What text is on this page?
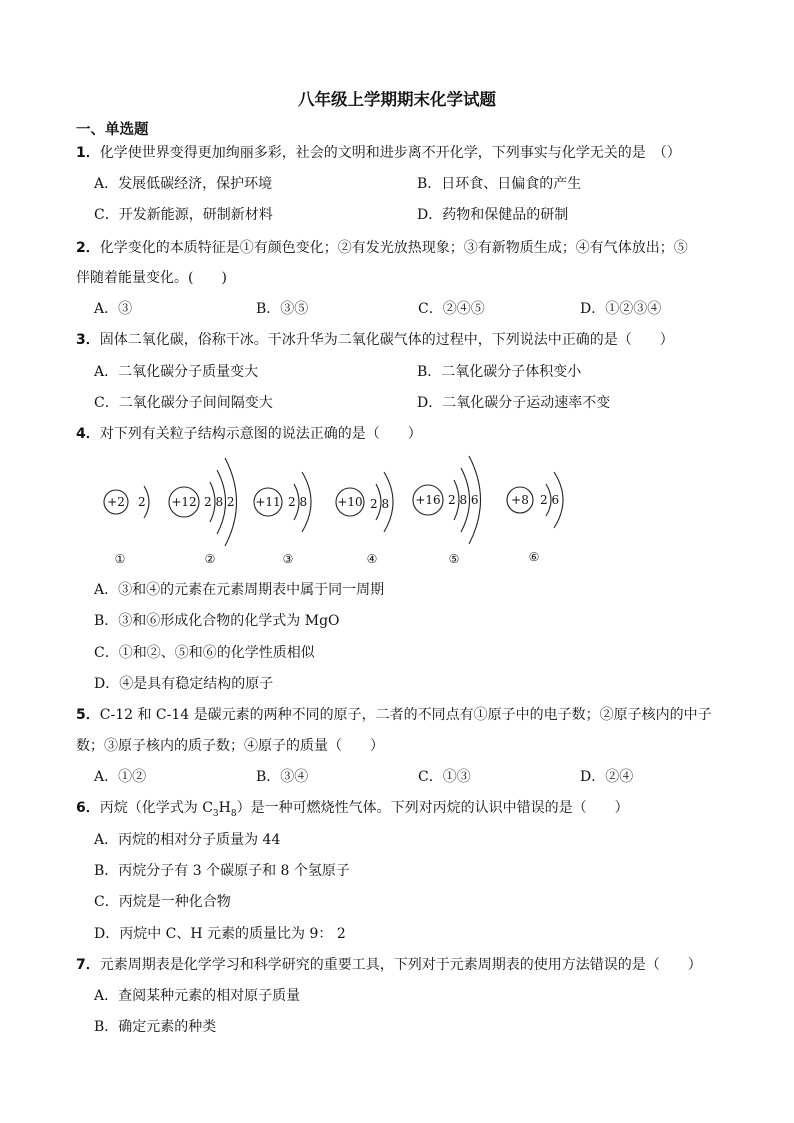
八年级上学期期末化学试题
一、单选题
1．化学使世界变得更加绚丽多彩，社会的文明和进步离不开化学，下列事实与化学无关的是　（）
A．发展低碳经济，保护环境	B．日环食、日偏食的产生
C．开发新能源，研制新材料	D．药物和保健品的研制
2．化学变化的本质特征是①有颜色变化；②有发光放热现象；③有新物质生成；④有气体放出；⑤
伴随着能量变化。(　　)
A．③	B．③⑤	C．②④⑤	D．①②③④
3．固体二氧化碳，俗称干冰。干冰升华为二氧化碳气体的过程中，下列说法中正确的是（　　）
A．二氧化碳分子质量变大	B．二氧化碳分子体积变小
C．二氧化碳分子间间隔变大	D．二氧化碳分子运动速率不变
4．对下列有关粒子结构示意图的说法正确的是（　　）
+2 2 +12 2 8 2 +11 2 8	+10 2 8 +16 2 8 6	+8 2 6
①	②	③	④	⑤	⑥
A．③和④的元素在元素周期表中属于同一周期
B．③和⑥形成化合物的化学式为 MgO
C．①和②、⑤和⑥的化学性质相似
D．④是具有稳定结构的原子
5．C-12 和 C-14 是碳元素的两种不同的原子，二者的不同点有①原子中的电子数；②原子核内的中子
数；③原子核内的质子数；④原子的质量（　　）
A．①②	B．③④	C．①③	D．②④
6．丙烷（化学式为 $C_3H_8$）是一种可燃烧性气体。下列对丙烷的认识中错误的是（　　）
A．丙烷的相对分子质量为 44
B．丙烷分子有 3 个碳原子和 8 个氢原子
C．丙烷是一种化合物
D．丙烷中 C、H 元素的质量比为 9： 2
7．元素周期表是化学学习和科学研究的重要工具，下列对于元素周期表的使用方法错误的是（　　）
A．查阅某种元素的相对原子质量
B．确定元素的种类
